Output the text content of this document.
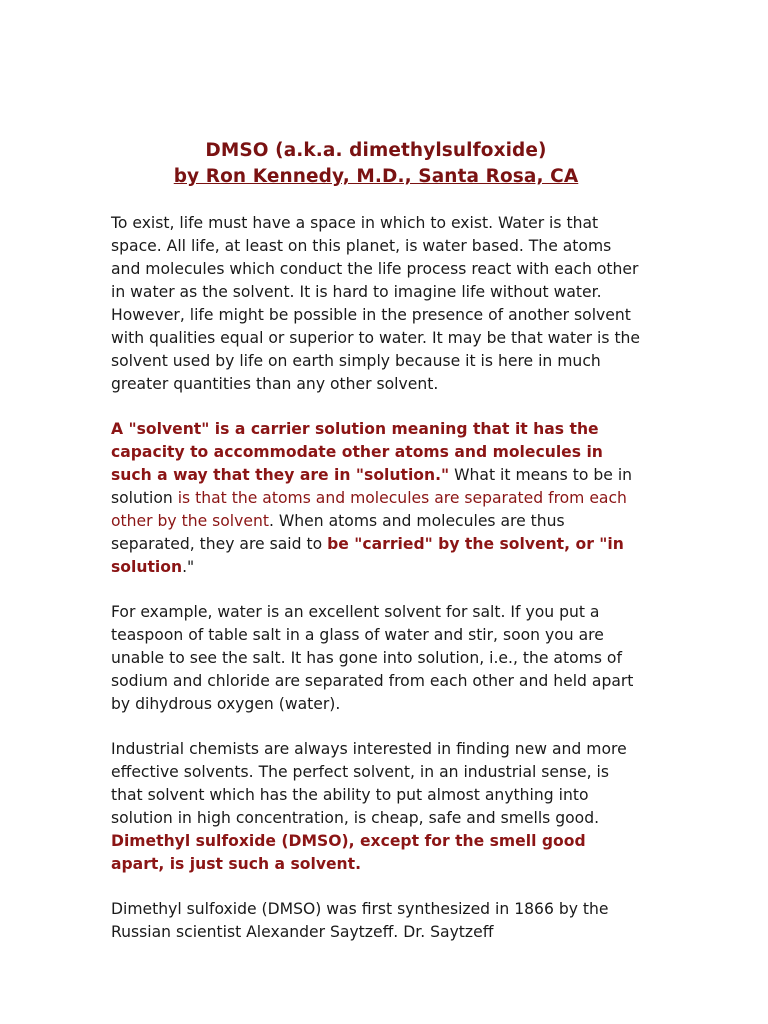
DMSO (a.k.a. dimethylsulfoxide)
by Ron Kennedy, M.D., Santa Rosa, CA

To exist, life must have a space in which to exist. Water is that space. All life, at least on this planet, is water based. The atoms and molecules which conduct the life process react with each other in water as the solvent. It is hard to imagine life without water. However, life might be possible in the presence of another solvent with qualities equal or superior to water. It may be that water is the solvent used by life on earth simply because it is here in much greater quantities than any other solvent.

A "solvent" is a carrier solution meaning that it has the capacity to accommodate other atoms and molecules in such a way that they are in "solution." What it means to be in solution is that the atoms and molecules are separated from each other by the solvent. When atoms and molecules are thus separated, they are said to be "carried" by the solvent, or "in solution."

For example, water is an excellent solvent for salt. If you put a teaspoon of table salt in a glass of water and stir, soon you are unable to see the salt. It has gone into solution, i.e., the atoms of sodium and chloride are separated from each other and held apart by dihydrous oxygen (water).

Industrial chemists are always interested in finding new and more effective solvents. The perfect solvent, in an industrial sense, is that solvent which has the ability to put almost anything into solution in high concentration, is cheap, safe and smells good. Dimethyl sulfoxide (DMSO), except for the smell good apart, is just such a solvent.

Dimethyl sulfoxide (DMSO) was first synthesized in 1866 by the Russian scientist Alexander Saytzeff. Dr. Saytzeff
